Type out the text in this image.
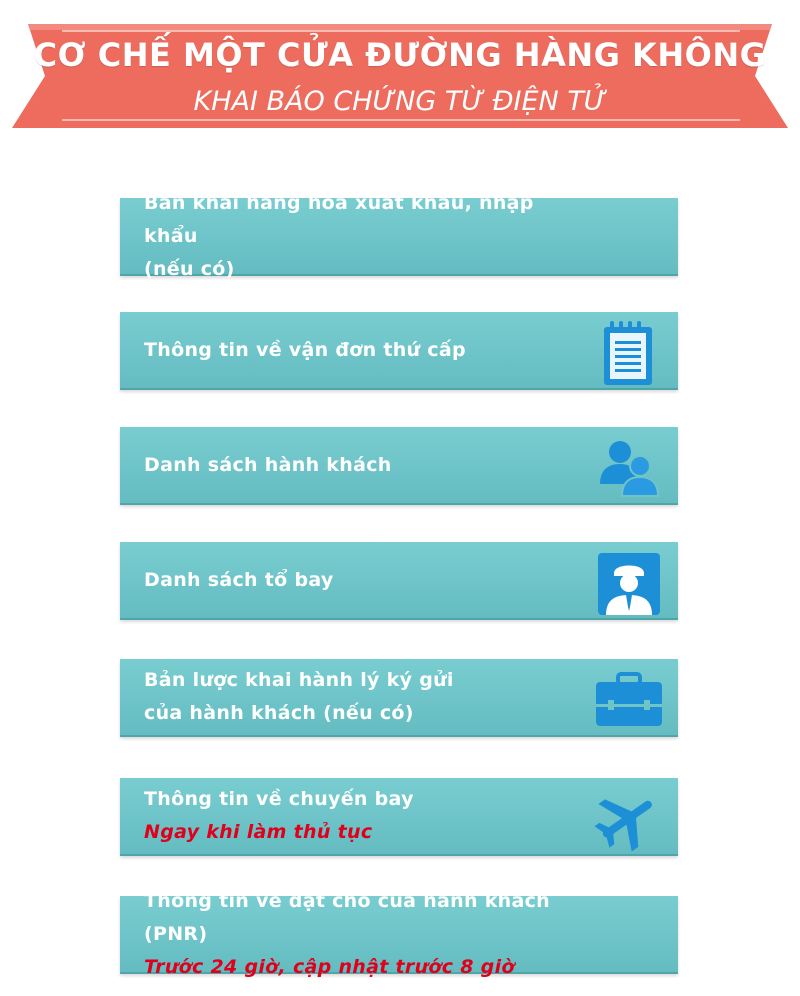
CƠ CHẾ MỘT CỬA ĐƯỜNG HÀNG KHÔNG
KHAI BÁO CHỨNG TỪ ĐIỆN TỬ
Bản khai hàng hóa xuất khẩu, nhập khẩu
(nếu có)
Thông tin về vận đơn thứ cấp
Danh sách hành khách
Danh sách tổ bay
Bản lược khai hành lý ký gửi
của hành khách (nếu có)
Thông tin về chuyến bay
Ngay khi làm thủ tục
Thông tin về đặt chỗ của hành khách (PNR)
Trước 24 giờ, cập nhật trước 8 giờ
